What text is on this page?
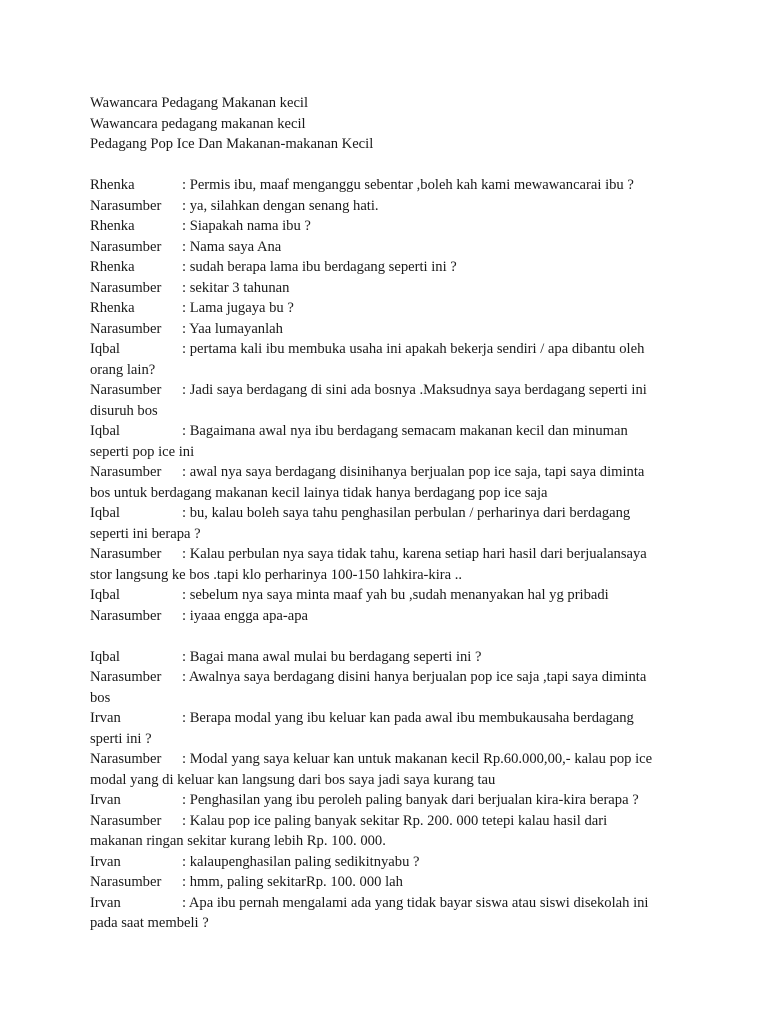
Wawancara Pedagang Makanan kecil
Wawancara pedagang makanan kecil
Pedagang Pop Ice Dan Makanan-makanan Kecil
Rhenka	: Permis ibu, maaf menganggu sebentar ,boleh kah kami mewawancarai ibu ?
Narasumber	: ya, silahkan dengan senang hati.
Rhenka	: Siapakah nama ibu ?
Narasumber	: Nama saya Ana
Rhenka	: sudah berapa lama ibu berdagang seperti ini ?
Narasumber	: sekitar 3 tahunan
Rhenka	: Lama jugaya bu ?
Narasumber	: Yaa lumayanlah
Iqbal	: pertama kali ibu membuka usaha ini apakah bekerja sendiri / apa dibantu oleh
orang lain?
Narasumber	: Jadi saya berdagang di sini ada bosnya .Maksudnya saya berdagang seperti ini
disuruh bos
Iqbal	: Bagaimana awal nya ibu berdagang semacam makanan kecil dan minuman
seperti pop ice ini
Narasumber	: awal nya saya berdagang disinihanya berjualan pop ice saja, tapi saya diminta
bos untuk berdagang makanan kecil lainya tidak hanya berdagang pop ice saja
Iqbal	: bu, kalau boleh saya tahu penghasilan perbulan / perharinya dari berdagang
seperti ini berapa ?
Narasumber	: Kalau perbulan nya saya tidak tahu, karena setiap hari hasil dari berjualansaya
stor langsung ke bos .tapi klo perharinya 100-150 lahkira-kira ..
Iqbal	: sebelum nya saya minta maaf yah bu ,sudah menanyakan hal yg pribadi
Narasumber	: iyaaa engga apa-apa
Iqbal	: Bagai mana awal mulai bu berdagang seperti ini ?
Narasumber	: Awalnya saya berdagang disini hanya berjualan pop ice saja ,tapi saya diminta
bos
Irvan	: Berapa modal yang ibu keluar kan pada awal ibu membukausaha berdagang
sperti ini ?
Narasumber	: Modal yang saya keluar kan untuk makanan kecil Rp.60.000,00,- kalau pop ice
modal yang di keluar kan langsung dari bos saya jadi saya kurang tau
Irvan	: Penghasilan yang ibu peroleh paling banyak dari berjualan kira-kira berapa ?
Narasumber	: Kalau pop ice paling banyak sekitar Rp. 200. 000 tetepi kalau hasil dari
makanan ringan sekitar kurang lebih Rp. 100. 000.
Irvan	: kalaupenghasilan paling sedikitnyabu ?
Narasumber	: hmm, paling sekitarRp. 100. 000 lah
Irvan	: Apa ibu pernah mengalami ada yang tidak bayar siswa atau siswi disekolah ini
pada saat membeli ?
